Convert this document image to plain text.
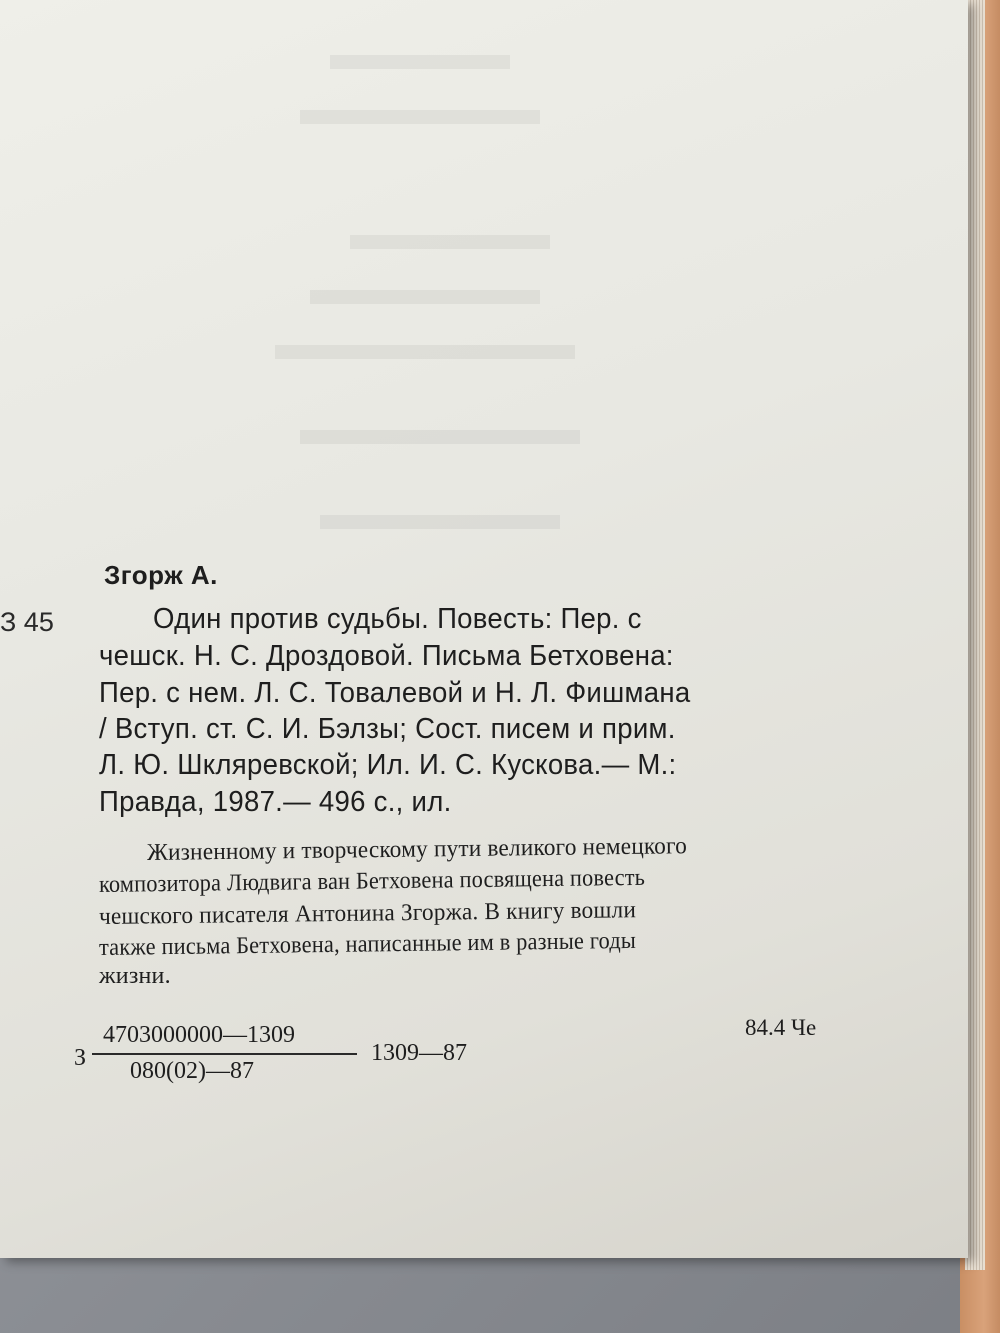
З 45
Згорж А.
Один против судьбы. Повесть: Пер. с
чешск. Н. С. Дроздовой. Письма Бетховена:
Пер. с нем. Л. С. Товалевой и Н. Л. Фишмана
/ Вступ. ст. С. И. Бэлзы; Сост. писем и прим.
Л. Ю. Шкляревской; Ил. И. С. Кускова.— М.:
Правда, 1987.— 496 с., ил.
Жизненному и творческому пути великого немецкого
композитора Людвига ван Бетховена посвящена повесть
чешского писателя Антонина Згоржа. В книгу вошли
также письма Бетховена, написанные им в разные годы
жизни.
З
4703000000—1309
080(02)—87
1309—87
84.4 Че
